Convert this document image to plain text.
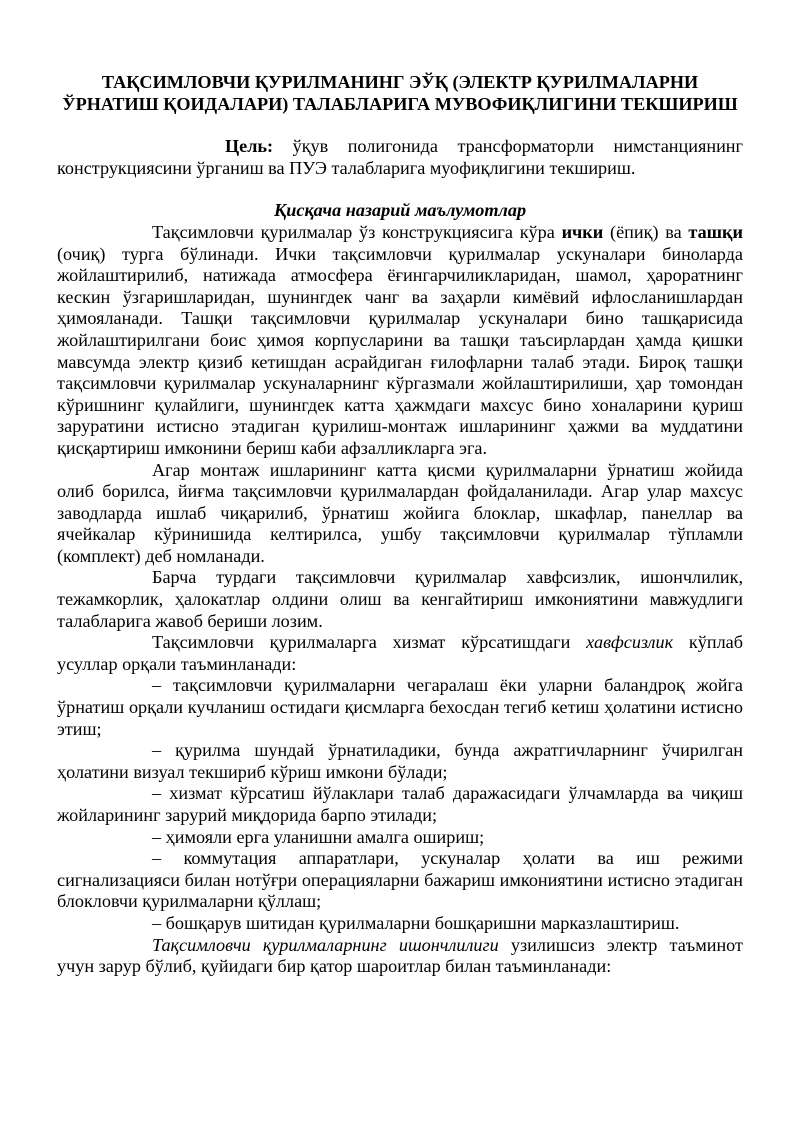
ТАҚСИМЛОВЧИ ҚУРИЛМАНИНГ ЭЎҚ (ЭЛЕКТР ҚУРИЛМАЛАРНИ ЎРНАТИШ ҚОИДАЛАРИ) ТАЛАБЛАРИГА МУВОФИҚЛИГИНИ ТЕКШИРИШ

Цель: ўқув полигонида трансформаторли нимстанциянинг конструкциясини ўрганиш ва ПУЭ талабларига муофиқлигини текшириш.

Қисқача назарий маълумотлар

Тақсимловчи қурилмалар ўз конструкциясига кўра ички (ёпиқ) ва ташқи (очиқ) турга бўлинади. Ички тақсимловчи қурилмалар ускуналари биноларда жойлаштирилиб, натижада атмосфера ёғингарчиликларидан, шамол, ҳароратнинг кескин ўзгаришларидан, шунингдек чанг ва заҳарли кимёвий ифлосланишлардан ҳимояланади. Ташқи тақсимловчи қурилмалар ускуналари бино ташқарисида жойлаштирилгани боис ҳимоя корпусларини ва ташқи таъсирлардан ҳамда қишки мавсумда электр қизиб кетишдан асрайдиган ғилофларни талаб этади. Бироқ ташқи тақсимловчи қурилмалар ускуналарнинг кўргазмали жойлаштирилиши, ҳар томондан кўришнинг қулайлиги, шунингдек катта ҳажмдаги махсус бино хоналарини қуриш заруратини истисно этадиган қурилиш-монтаж ишларининг ҳажми ва муддатини қисқартириш имконини бериш каби афзалликларга эга.

Агар монтаж ишларининг катта қисми қурилмаларни ўрнатиш жойида олиб борилса, йиғма тақсимловчи қурилмалардан фойдаланилади. Агар улар махсус заводларда ишлаб чиқарилиб, ўрнатиш жойига блоклар, шкафлар, панеллар ва ячейкалар кўринишида келтирилса, ушбу тақсимловчи қурилмалар тўпламли (комплект) деб номланади.

Барча турдаги тақсимловчи қурилмалар хавфсизлик, ишончлилик, тежамкорлик, ҳалокатлар олдини олиш ва кенгайтириш имкониятини мавжудлиги талабларига жавоб бериши лозим.

Тақсимловчи қурилмаларга хизмат кўрсатишдаги хавфсизлик кўплаб усуллар орқали таъминланади:

– тақсимловчи қурилмаларни чегаралаш ёки уларни баландроқ жойга ўрнатиш орқали кучланиш остидаги қисмларга бехосдан тегиб кетиш ҳолатини истисно этиш;

– қурилма шундай ўрнатиладики, бунда ажратгичларнинг ўчирилган ҳолатини визуал текшириб кўриш имкони бўлади;

– хизмат кўрсатиш йўлаклари талаб даражасидаги ўлчамларда ва чиқиш жойларининг зарурий миқдорида барпо этилади;

– ҳимояли ерга уланишни амалга ошириш;

– коммутация аппаратлари, ускуналар ҳолати ва иш режими сигнализацияси билан нотўғри операцияларни бажариш имкониятини истисно этадиган блокловчи қурилмаларни қўллаш;

– бошқарув шитидан қурилмаларни бошқаришни марказлаштириш.

Тақсимловчи қурилмаларнинг ишончлилиги узилишсиз электр таъминот учун зарур бўлиб, қуйидаги бир қатор шароитлар билан таъминланади:
